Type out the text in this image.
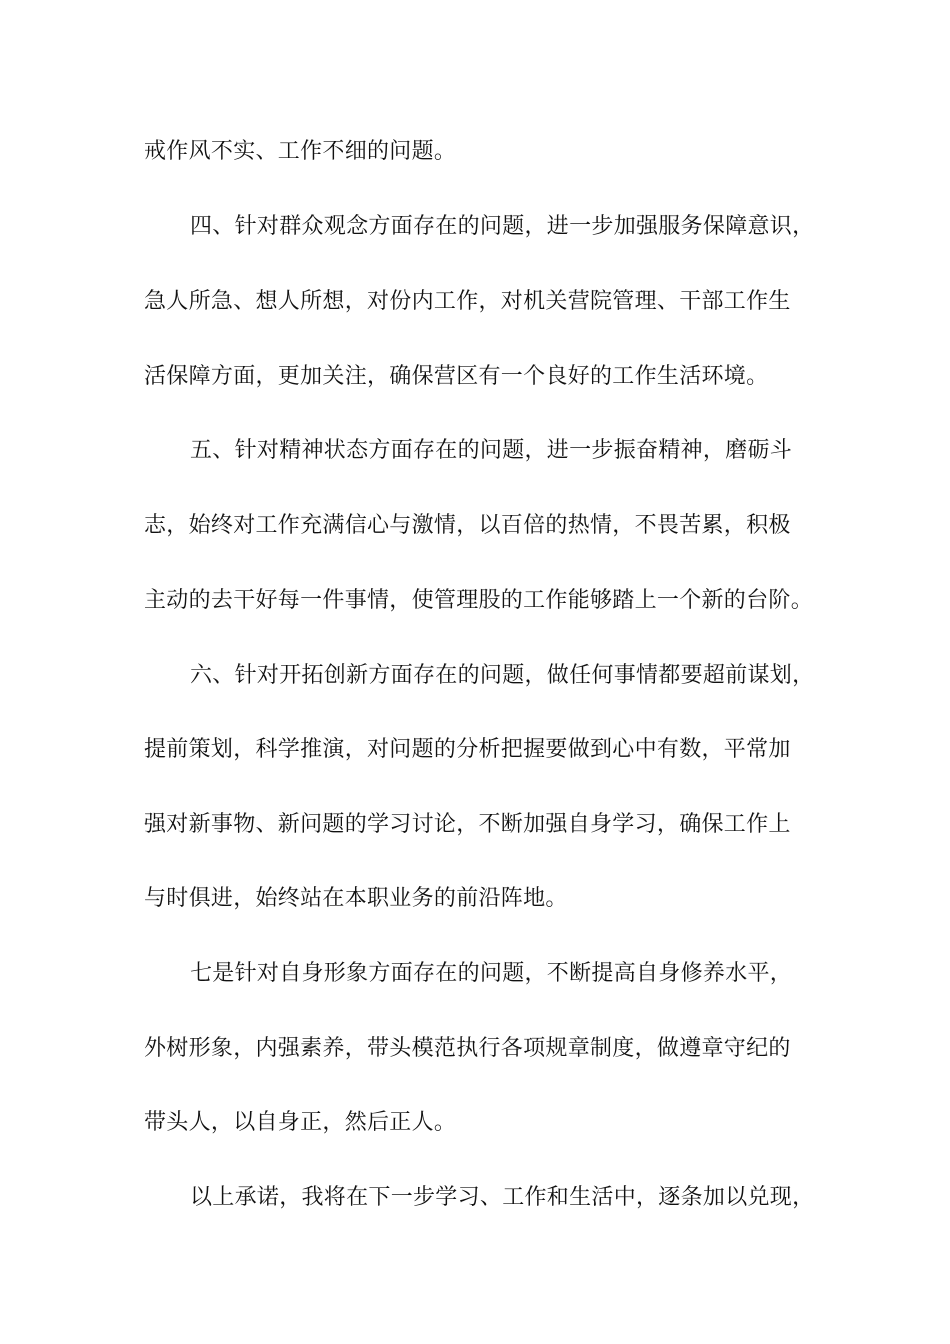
戒作风不实、工作不细的问题。
四、针对群众观念方面存在的问题，进一步加强服务保障意识，
急人所急、想人所想，对份内工作，对机关营院管理、干部工作生
活保障方面，更加关注，确保营区有一个良好的工作生活环境。
五、针对精神状态方面存在的问题，进一步振奋精神，磨砺斗
志，始终对工作充满信心与激情，以百倍的热情，不畏苦累，积极
主动的去干好每一件事情，使管理股的工作能够踏上一个新的台阶。
六、针对开拓创新方面存在的问题，做任何事情都要超前谋划，
提前策划，科学推演，对问题的分析把握要做到心中有数，平常加
强对新事物、新问题的学习讨论，不断加强自身学习，确保工作上
与时俱进，始终站在本职业务的前沿阵地。
七是针对自身形象方面存在的问题，不断提高自身修养水平，
外树形象，内强素养，带头模范执行各项规章制度，做遵章守纪的
带头人，以自身正，然后正人。
以上承诺，我将在下一步学习、工作和生活中，逐条加以兑现，
